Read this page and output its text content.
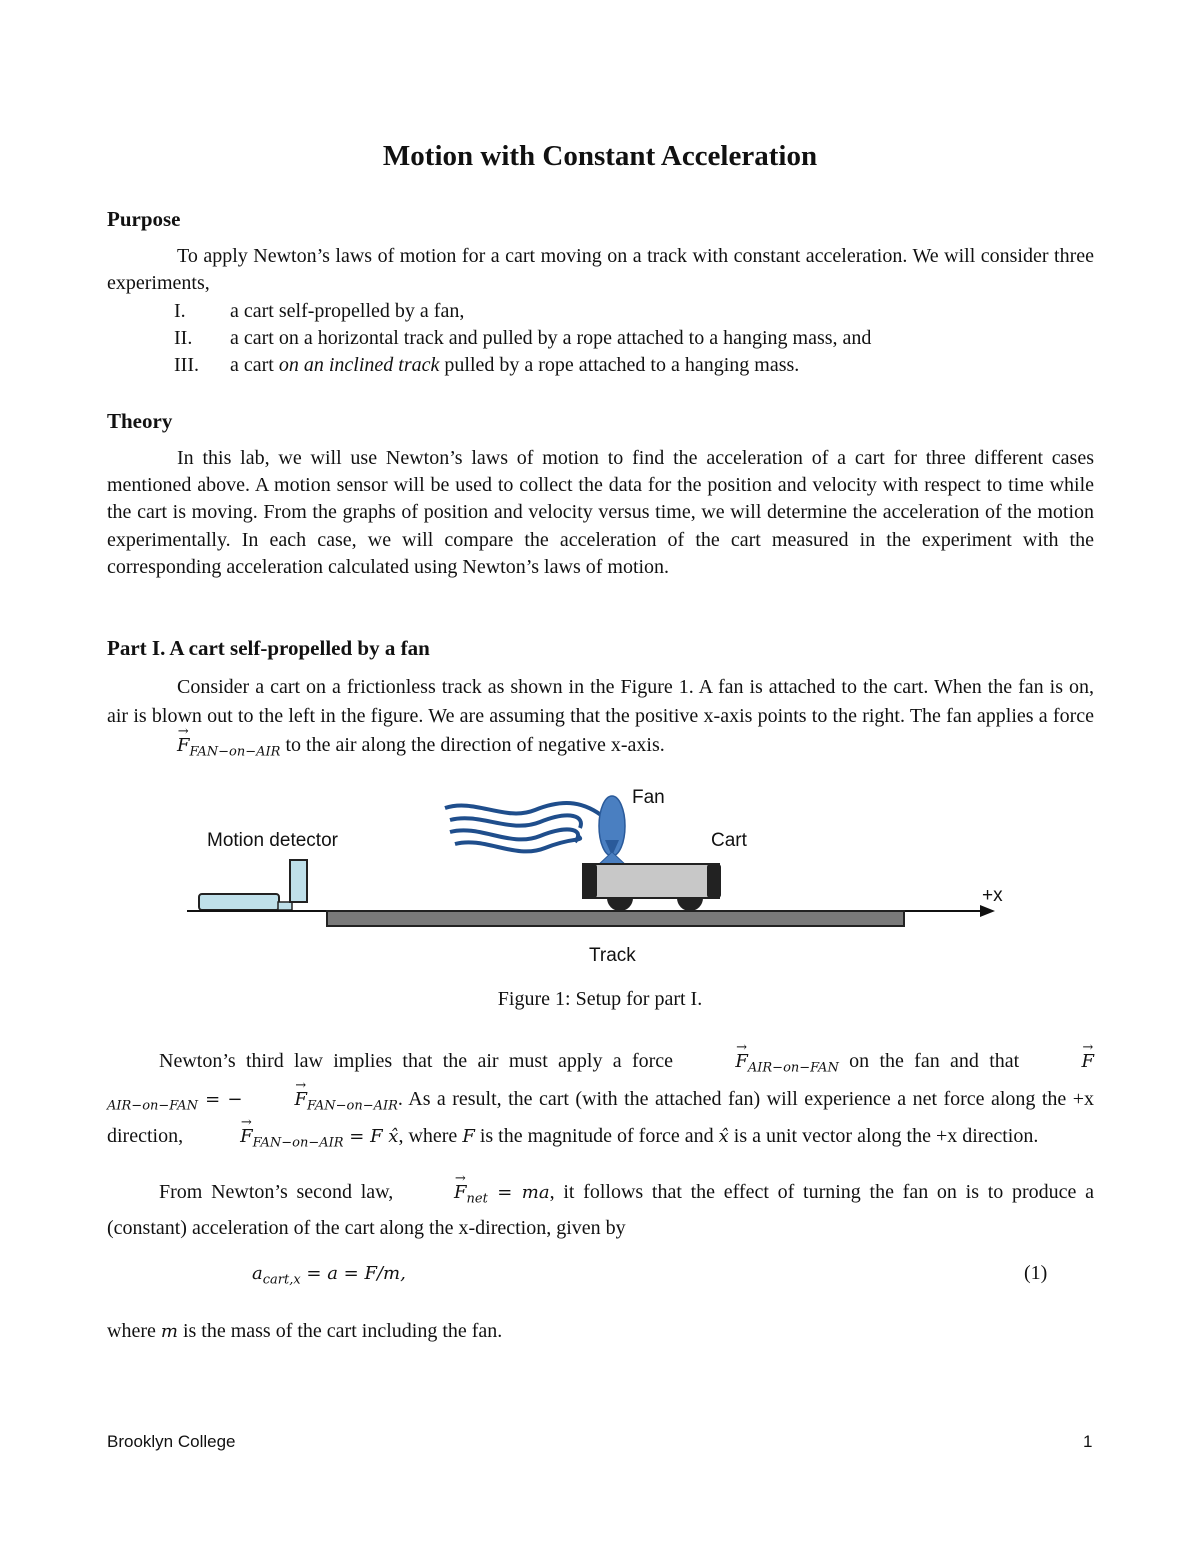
Motion with Constant Acceleration
Purpose
To apply Newton’s laws of motion for a cart moving on a track with constant acceleration. We will consider three experiments,
I.	a cart self-propelled by a fan,
II.	a cart on a horizontal track and pulled by a rope attached to a hanging mass, and
III.	a cart on an inclined track pulled by a rope attached to a hanging mass.
Theory
In this lab, we will use Newton’s laws of motion to find the acceleration of a cart for three different cases mentioned above. A motion sensor will be used to collect the data for the position and velocity with respect to time while the cart is moving. From the graphs of position and velocity versus time, we will determine the acceleration of the motion experimentally. In each case, we will compare the acceleration of the cart measured in the experiment with the corresponding acceleration calculated using Newton’s laws of motion.
Part I. A cart self-propelled by a fan
Consider a cart on a frictionless track as shown in the Figure 1. A fan is attached to the cart. When the fan is on, air is blown out to the left in the figure. We are assuming that the positive x-axis points to the right. The fan applies a force → $F_{FAN-on-AIR}$ to the air along the direction of negative x-axis.
Fan
Motion detector	Cart
+x
Track
Figure 1: Setup for part I.
Newton’s third law implies that the air must apply a force	→ $F_{AIR-on-FAN}$ on the fan and that	→ $F_{AIR-on-FAN}$ = −	→ $F_{FAN-on-AIR}$. As a result, the cart (with the attached fan) will experience a net force along the +x direction,	→ $F_{FAN-on-AIR} = F$ x̂, where F is the magnitude of force and x̂ is a unit vector along the +x direction.
From Newton’s second law,	→ $F_{net}$ = ma, it follows that the effect of turning the fan on is to produce a (constant) acceleration of the cart along the x-direction, given by
$a_{cart,x} = a = F/m$,	(1)
where m is the mass of the cart including the fan.
Brooklyn College	1
